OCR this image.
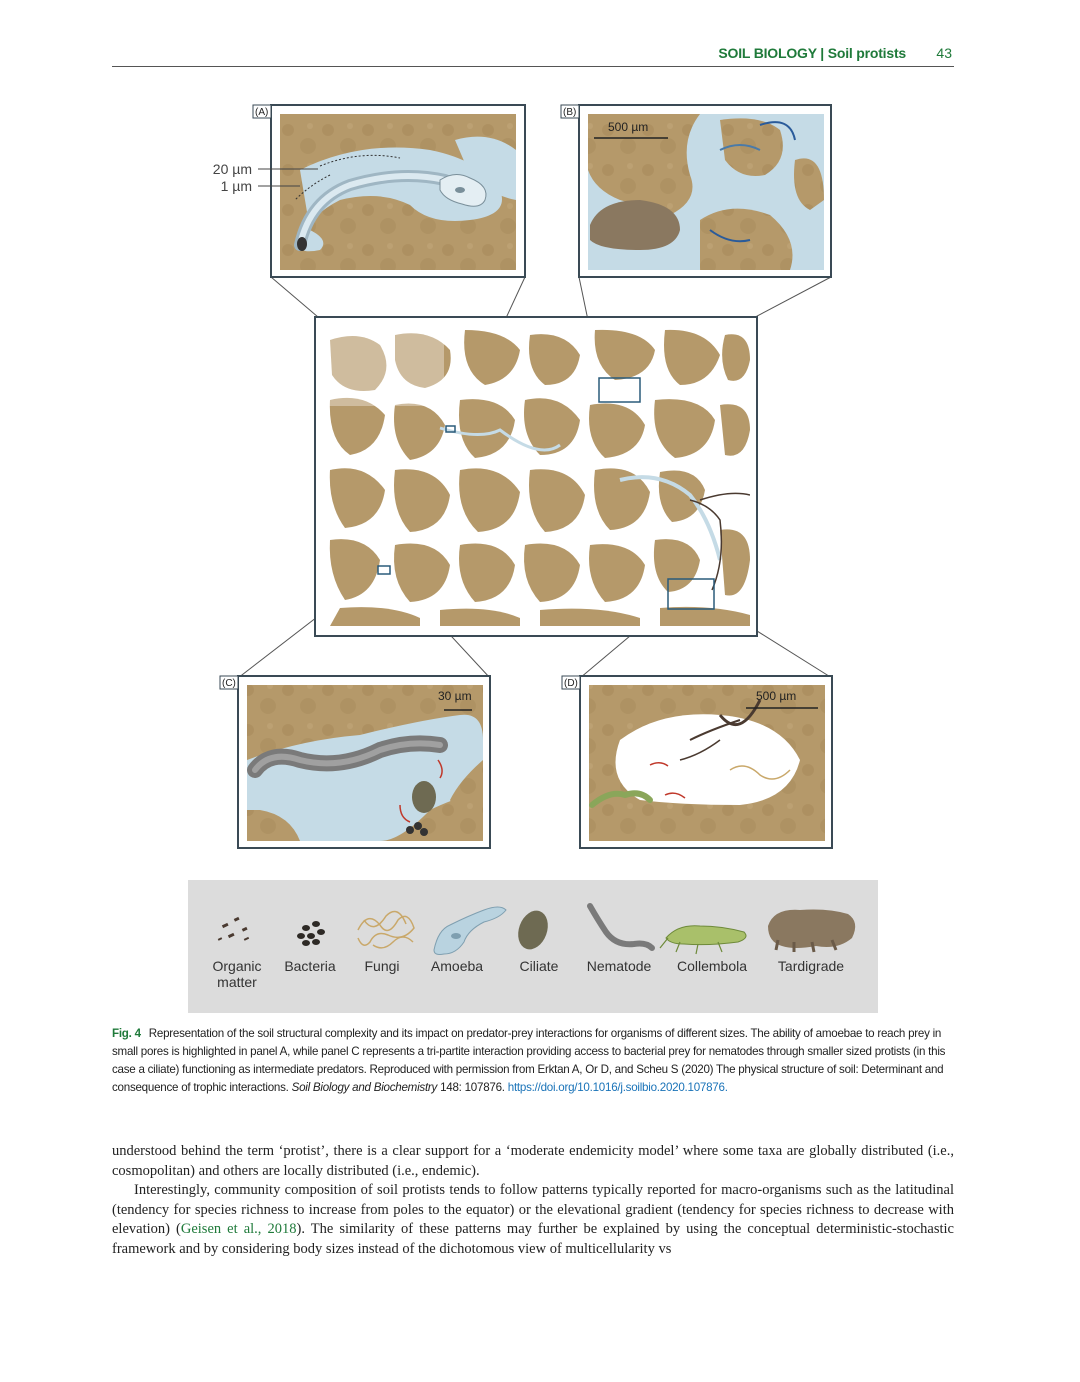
SOIL BIOLOGY | Soil protists 43
(A)
20 µm
1 µm
(B)
500 µm
(C)
30 µm
(D)
500 µm
Organic matter
Bacteria	Fungi	Amoeba	Ciliate	Nematode	Collembola	Tardigrade
Fig. 4 Representation of the soil structural complexity and its impact on predator-prey interactions for organisms of different sizes. The ability of amoebae to reach prey in small pores is highlighted in panel A, while panel C represents a tri-partite interaction providing access to bacterial prey for nematodes through smaller sized protists (in this case a ciliate) functioning as intermediate predators. Reproduced with permission from Erktan A, Or D, and Scheu S (2020) The physical structure of soil: Determinant and consequence of trophic interactions. Soil Biology and Biochemistry 148: 107876. https://doi.org/10.1016/j.soilbio.2020.107876.

understood behind the term ‘protist’, there is a clear support for a ‘moderate endemicity model’ where some taxa are globally distributed (i.e., cosmopolitan) and others are locally distributed (i.e., endemic).

Interestingly, community composition of soil protists tends to follow patterns typically reported for macro-organisms such as the latitudinal (tendency for species richness to increase from poles to the equator) or the elevational gradient (tendency for species richness to decrease with elevation) (Geisen et al., 2018). The similarity of these patterns may further be explained by using the conceptual deterministic-stochastic framework and by considering body sizes instead of the dichotomous view of multicellularity vs
